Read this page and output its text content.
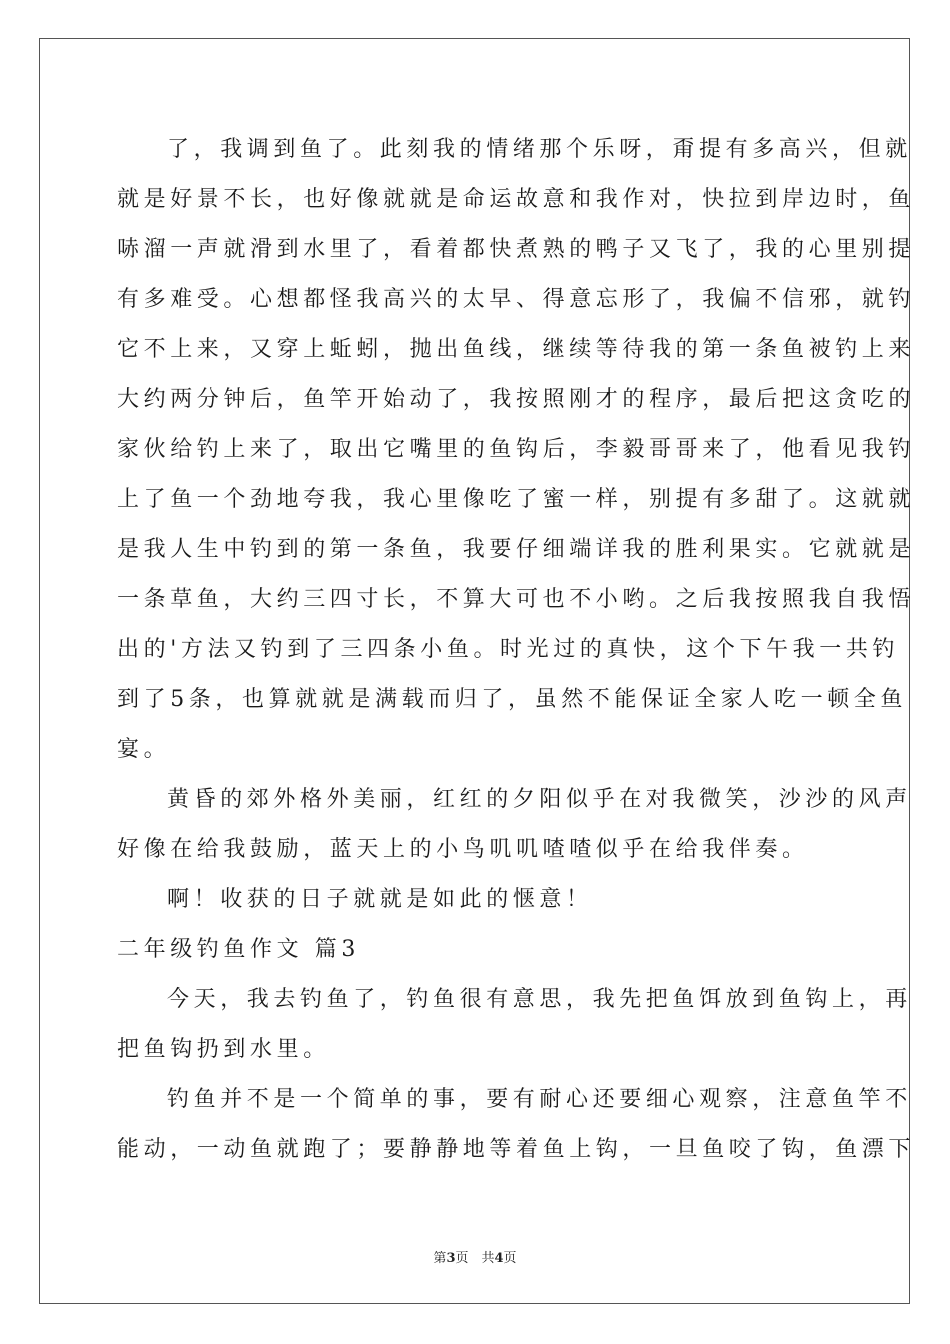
了，我调到鱼了。此刻我的情绪那个乐呀，甭提有多高兴，但就
就是好景不长，也好像就就是命运故意和我作对，快拉到岸边时，鱼
哧溜一声就滑到水里了，看着都快煮熟的鸭子又飞了，我的心里别提
有多难受。心想都怪我高兴的太早、得意忘形了，我偏不信邪，就钓
它不上来，又穿上蚯蚓，抛出鱼线，继续等待我的第一条鱼被钓上来
大约两分钟后，鱼竿开始动了，我按照刚才的程序，最后把这贪吃的
家伙给钓上来了，取出它嘴里的鱼钩后，李毅哥哥来了，他看见我钓
上了鱼一个劲地夸我，我心里像吃了蜜一样，别提有多甜了。这就就
是我人生中钓到的第一条鱼，我要仔细端详我的胜利果实。它就就是
一条草鱼，大约三四寸长，不算大可也不小哟。之后我按照我自我悟
出的'方法又钓到了三四条小鱼。时光过的真快，这个下午我一共钓
到了5条，也算就就是满载而归了，虽然不能保证全家人吃一顿全鱼
宴。
黄昏的郊外格外美丽，红红的夕阳似乎在对我微笑，沙沙的风声
好像在给我鼓励，蓝天上的小鸟叽叽喳喳似乎在给我伴奏。
啊！收获的日子就就是如此的惬意！
二年级钓鱼作文 篇3
今天，我去钓鱼了，钓鱼很有意思，我先把鱼饵放到鱼钩上，再
把鱼钩扔到水里。
钓鱼并不是一个简单的事，要有耐心还要细心观察，注意鱼竿不
能动，一动鱼就跑了；要静静地等着鱼上钩，一旦鱼咬了钩，鱼漂下
第3页　共4页
